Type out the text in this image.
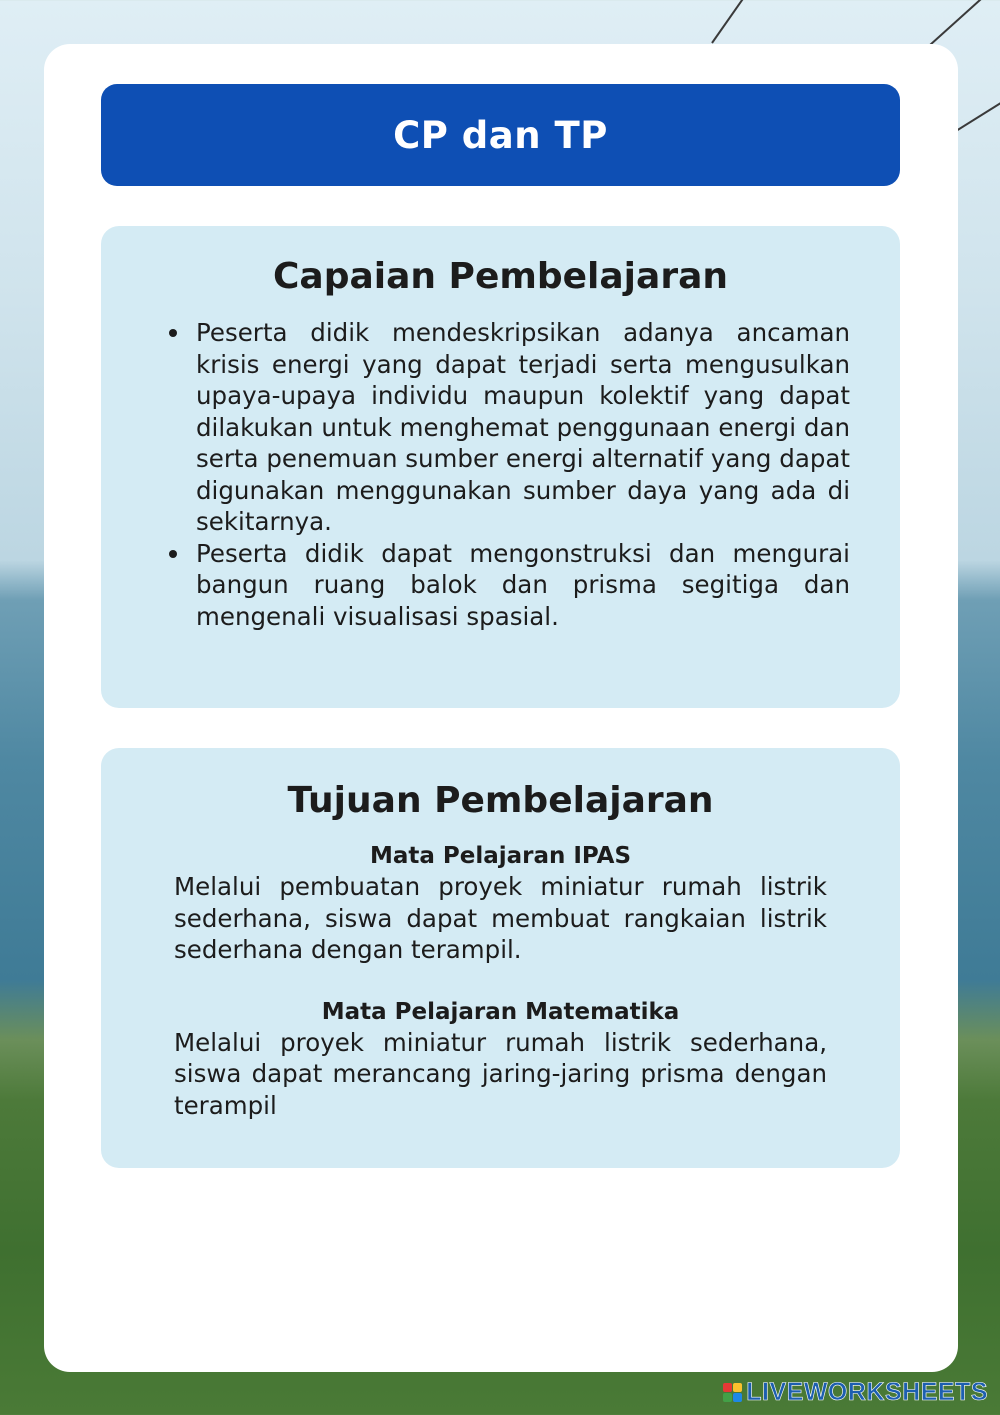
CP dan TP
Capaian Pembelajaran
Peserta didik mendeskripsikan adanya ancaman krisis energi yang dapat terjadi serta mengusulkan upaya-upaya individu maupun kolektif yang dapat dilakukan untuk menghemat penggunaan energi dan serta penemuan sumber energi alternatif yang dapat digunakan menggunakan sumber daya yang ada di sekitarnya.
Peserta didik dapat mengonstruksi dan mengurai bangun ruang balok dan prisma segitiga dan mengenali visualisasi spasial.
Tujuan Pembelajaran
Mata Pelajaran IPAS

Melalui pembuatan proyek miniatur rumah listrik sederhana, siswa dapat membuat rangkaian listrik sederhana dengan terampil.

Mata Pelajaran Matematika

Melalui proyek miniatur rumah listrik sederhana, siswa dapat merancang jaring-jaring prisma dengan terampil

LIVEWORKSHEETS
